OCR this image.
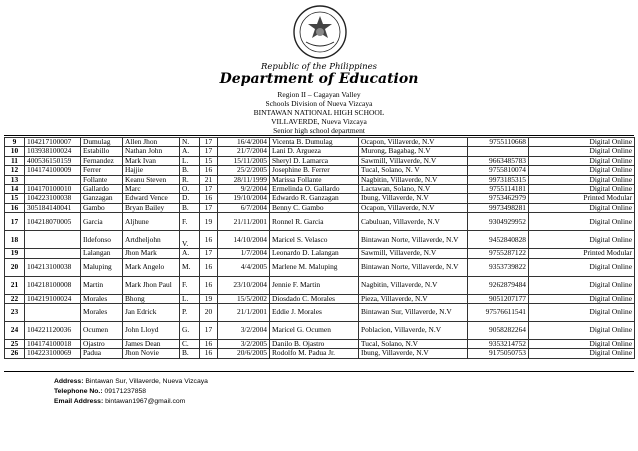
Republic of the Philippines
Department of Education
Region II – Cagayan Valley
Schools Division of Nueva Vizcaya
BINTAWAN NATIONAL HIGH SCHOOL
VILLAVERDE, Nueva Vizcaya
Senior high school department
9	104217100007	Dumulag	Allen Jhon	N.	17	16/4/2004	Vicenta B. Dumulag	Ocapon, Villaverde, N.V	9755110668	Digital Online
10	103938100024	Estabillo	Nathan John	A.	17	21/7/2004	Lani D. Argueza	Murong, Bagabag, N.V		Digital Online
11	400536150159	Fernandez	Mark Ivan	L.	15	15/11/2005	Sheryl D. Lamarca	Sawmill, Villaverde, N.V	9663485783	Digital Online
12	104174100009	Ferrer	Hajjie	B.	16	25/2/2005	Josephine B. Ferrer	Tucal, Solano, N. V	9755810074	Digital Online
13		Follante	Keanu Steven	R.	21	28/11/1999	Marissa Follante	Nagbitin, Villaverde, N.V	9973185315	Digital Online
14	104170100010	Gallardo	Marc	O.	17	9/2/2004	Ermelinda O. Gallardo	Lactawan, Solano, N.V	9755114181	Digital Online
15	104223100038	Ganzagan	Edward Vence	D.	16	19/10/2004	Edwardo R. Ganzagan	Ibung, Villaverde, N.V	9753462979	Printed Modular
16	305184140041	Gambo	Bryan Bailey	B.	17	6/7/2004	Benny C. Gambo	Ocapon, Villaverde, N.V	9973498281	Digital Online
17	104218070005	Garcia	Aljhune	F.	19	21/11/2001	Ronnel R. Garcia	Cabuluan, Villaverde, N.V	9304929952	Digital Online
18		Ildefonso	Artdheljohn	V.	16	14/10/2004	Maricel S. Velasco	Bintawan Norte, Villaverde, N.V	9452840828	Digital Online
19		Lalangan	Jhon Mark	A.	17	1/7/2004	Leonardo D. Lalangan	Sawmill, Villaverde, N.V	9755287122	Printed Modular
20	104213100038	Maluping	Mark Angelo	M.	16	4/4/2005	Marlene M. Maluping	Bintawan Norte, Villaverde, N.V	9353739822	Digital Online
21	104218100008	Martin	Mark Jhon Paul	F.	16	23/10/2004	Jennie F. Martin	Nagbitin, Villaverde, N.V	9262879484	Digital Online
22	104219100024	Morales	Bhong	L.	19	15/5/2002	Diosdado C. Morales	Pieza, Villaverde, N.V	9051207177	Digital Online
23		Morales	Jan Edrick	P.	20	21/1/2001	Eddie J. Morales	Bintawan Sur, Villaverde, N.V	97576611541	Digital Online
24	104221120036	Ocumen	John Lloyd	G.	17	3/2/2004	Maricel G. Ocumen	Poblacion, Villaverde, N.V	9058282264	Digital Online
25	104174100018	Ojastro	James Dean	C.	16	3/2/2005	Danilo B. Ojastro	Tucal, Solano, N.V	9353214752	Digital Online
26	104223100069	Padua	Jhon Novie	B.	16	20/6/2005	Rodolfo M. Padua Jr.	Ibung, Villaverde, N.V	9175050753	Digital Online
Address: Bintawan Sur, Villaverde, Nueva Vizcaya
Telephone No.: 09171237858
Email Address: bintawan1967@gmail.com
